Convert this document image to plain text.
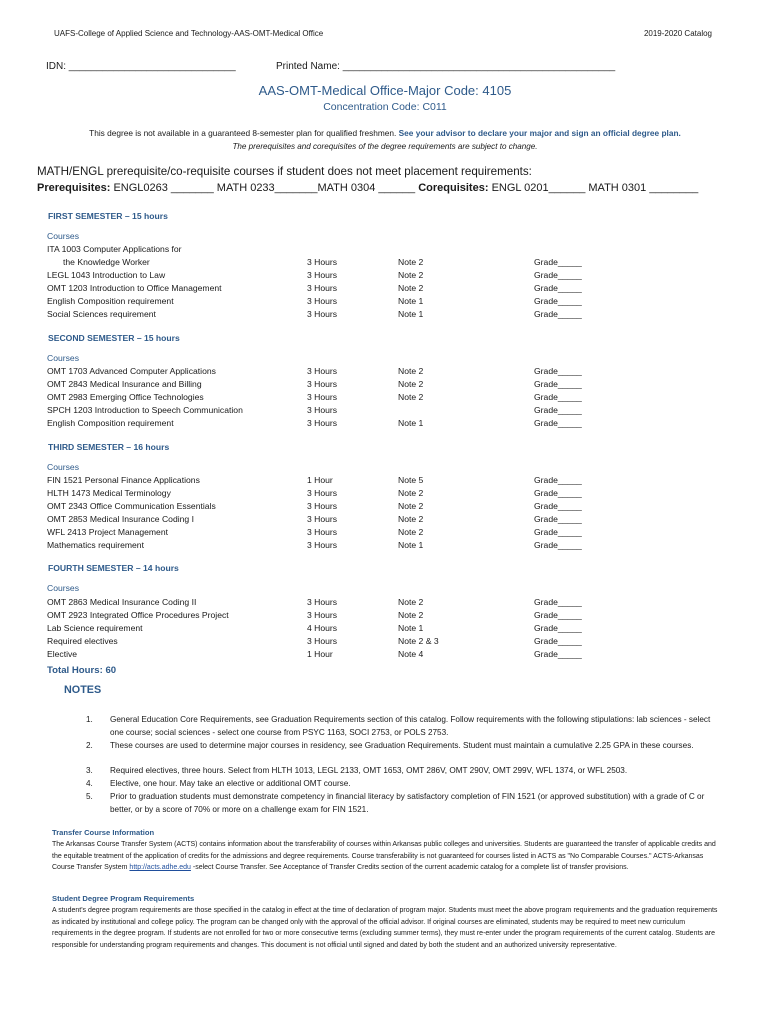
UAFS-College of Applied Science and Technology-AAS-OMT-Medical Office	2019-2020 Catalog
IDN: ______________________________	Printed Name: _________________________________________________
AAS-OMT-Medical Office-Major Code: 4105
Concentration Code: C011
This degree is not available in a guaranteed 8-semester plan for qualified freshmen. See your advisor to declare your major and sign an official degree plan.
The prerequisites and corequisites of the degree requirements are subject to change.
MATH/ENGL prerequisite/co-requisite courses if student does not meet placement requirements:
Prerequisites: ENGL0263 _______ MATH 0233_______MATH 0304 ______ Corequisites: ENGL 0201______ MATH 0301 ________
FIRST SEMESTER – 15 hours
Courses
ITA 1003 Computer Applications for
the Knowledge Worker	3 Hours	Note 2	Grade_____
LEGL 1043 Introduction to Law	3 Hours	Note 2	Grade_____
OMT 1203 Introduction to Office Management	3 Hours	Note 2	Grade_____
English Composition requirement	3 Hours	Note 1	Grade_____
Social Sciences requirement	3 Hours	Note 1	Grade_____
SECOND SEMESTER – 15 hours
Courses
OMT 1703 Advanced Computer Applications	3 Hours	Note 2	Grade_____
OMT 2843 Medical Insurance and Billing	3 Hours	Note 2	Grade_____
OMT 2983 Emerging Office Technologies	3 Hours	Note 2	Grade_____
SPCH 1203 Introduction to Speech Communication	3 Hours	Grade_____
English Composition requirement	3 Hours	Note 1	Grade_____
THIRD SEMESTER – 16 hours
Courses
FIN 1521 Personal Finance Applications	1 Hour	Note 5	Grade_____
HLTH 1473 Medical Terminology	3 Hours	Note 2	Grade_____
OMT 2343 Office Communication Essentials	3 Hours	Note 2	Grade_____
OMT 2853 Medical Insurance Coding I	3 Hours	Note 2	Grade_____
WFL 2413 Project Management	3 Hours	Note 2	Grade_____
Mathematics requirement	3 Hours	Note 1	Grade_____
FOURTH SEMESTER – 14 hours
Courses
OMT 2863 Medical Insurance Coding II	3 Hours	Note 2	Grade_____
OMT 2923 Integrated Office Procedures Project	3 Hours	Note 2	Grade_____
Lab Science requirement	4 Hours	Note 1	Grade_____
Required electives	3 Hours	Note 2 & 3	Grade_____
Elective	1 Hour	Note 4	Grade_____
Total Hours: 60
NOTES
1. General Education Core Requirements, see Graduation Requirements section of this catalog. Follow requirements with the following stipulations: lab sciences - select one course; social sciences - select one course from PSYC 1163, SOCI 2753, or POLS 2753.
2. These courses are used to determine major courses in residency, see Graduation Requirements. Student must maintain a cumulative 2.25 GPA in these courses.
3. Required electives, three hours. Select from HLTH 1013, LEGL 2133, OMT 1653, OMT 286V, OMT 290V, OMT 299V, WFL 1374, or WFL 2503.
4. Elective, one hour. May take an elective or additional OMT course.
5. Prior to graduation students must demonstrate competency in financial literacy by satisfactory completion of FIN 1521 (or approved substitution) with a grade of C or better, or by a score of 70% or more on a challenge exam for FIN 1521.
Transfer Course Information
The Arkansas Course Transfer System (ACTS) contains information about the transferability of courses within Arkansas public colleges and universities. Students are guaranteed the transfer of applicable credits and the equitable treatment of the application of credits for the admissions and degree requirements. Course transferability is not guaranteed for courses listed in ACTS as "No Comparable Courses." ACTS-Arkansas Course Transfer System http://acts.adhe.edu -select Course Transfer. See Acceptance of Transfer Credits section of the current academic catalog for a complete list of transfer provisions.
Student Degree Program Requirements
A student's degree program requirements are those specified in the catalog in effect at the time of declaration of program major. Students must meet the above program requirements and the graduation requirements as indicated by institutional and college policy. The program can be changed only with the approval of the official advisor. If original courses are eliminated, students may be required to meet new curriculum requirements in the degree program. If students are not enrolled for two or more consecutive terms (excluding summer terms), they must re-enter under the program requirements of the current catalog. Students are responsible for understanding program requirements and changes. This document is not official until signed and dated by both the student and an authorized university representative.
